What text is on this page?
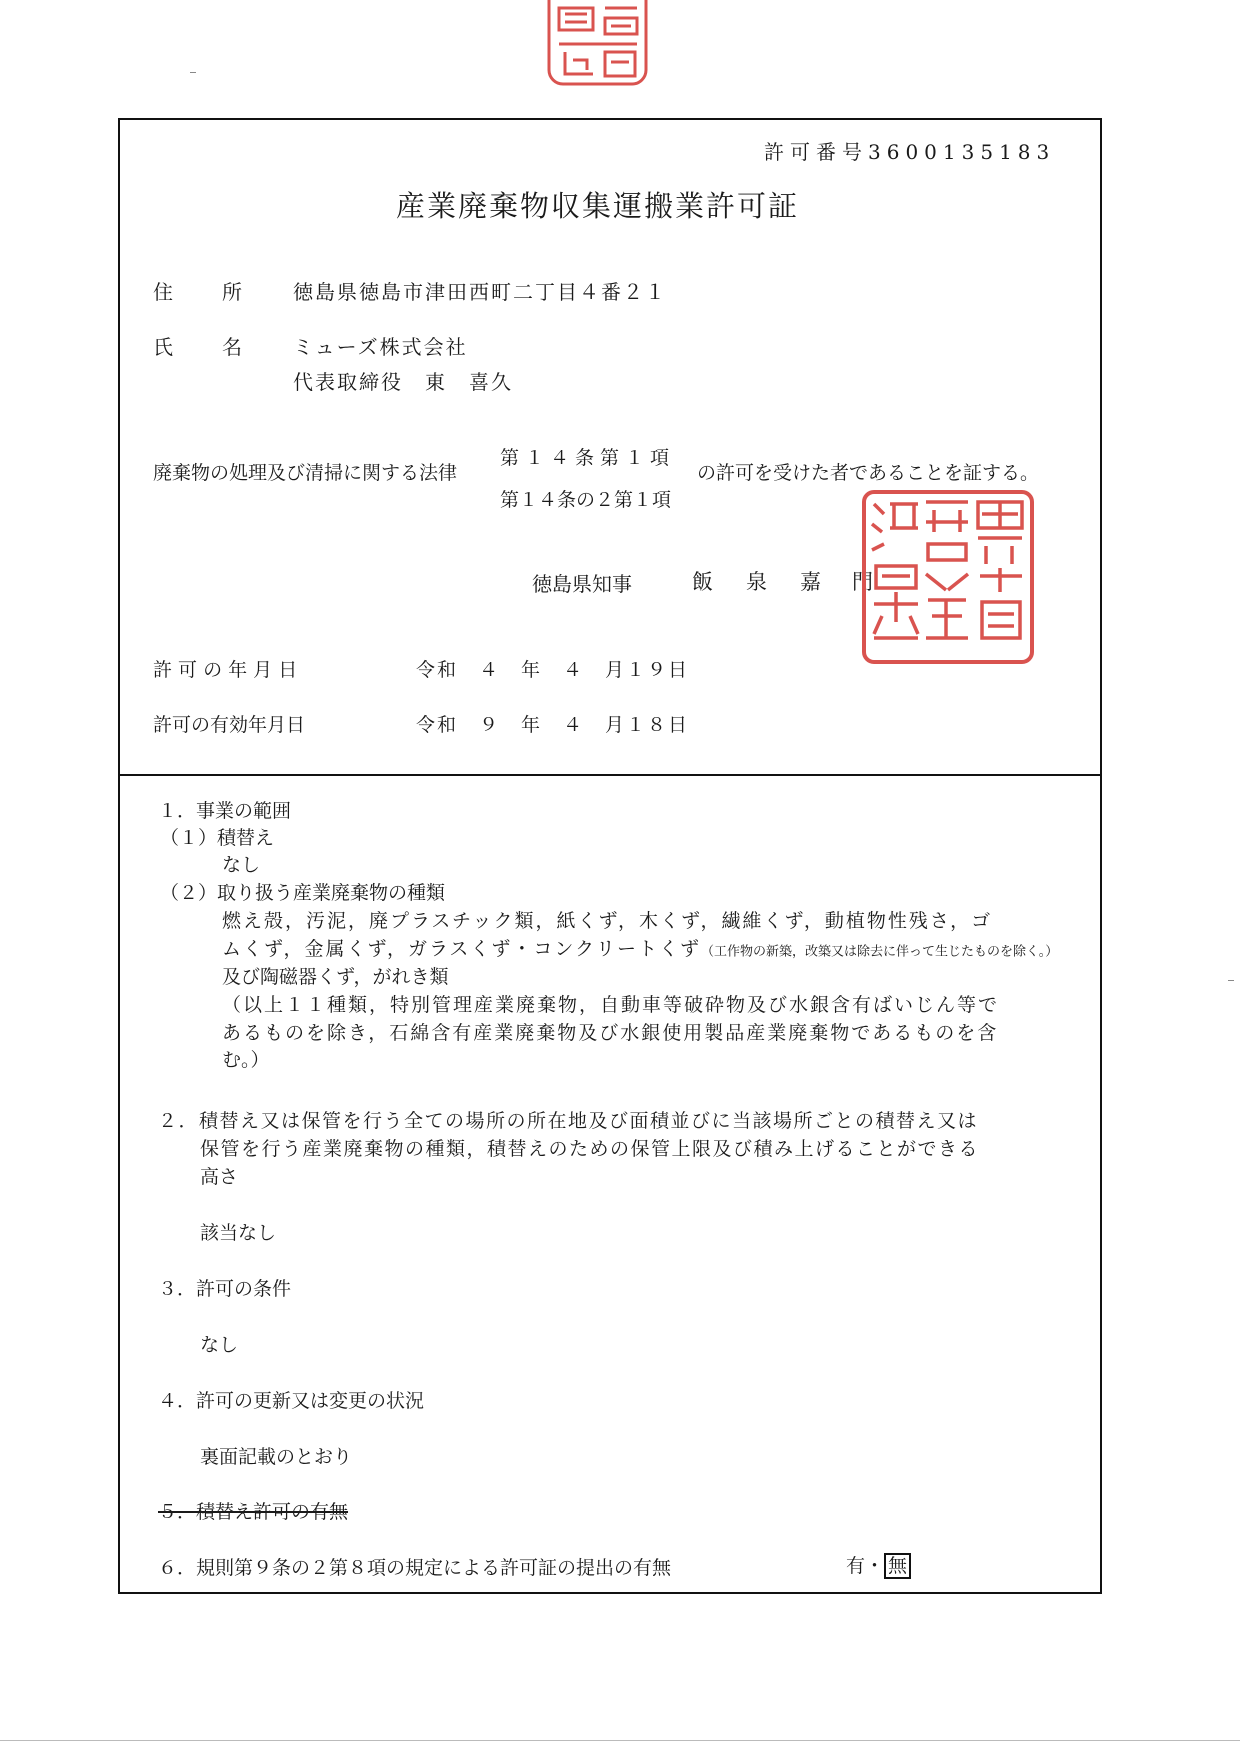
許可番号3600135183
産業廃棄物収集運搬業許可証
住 所	徳島県徳島市津田西町二丁目４番２１
氏 名	ミューズ株式会社
代表取締役　東　喜久
廃棄物の処理及び清掃に関する法律
第１４条第１項
第１４条の２第１項
の許可を受けた者であることを証する。
徳島県知事	飯 泉 嘉 門
許 可 の 年 月 日	令和　４　年　４　月１９日
許可の有効年月日	令和　９　年　４　月１８日
１．事業の範囲
（１）積替え
なし
（２）取り扱う産業廃棄物の種類
燃え殻，汚泥，廃プラスチック類，紙くず，木くず，繊維くず，動植物性残さ，ゴ
ムくず，金属くず，ガラスくず・コンクリートくず（工作物の新築，改築又は除去に伴って生じたものを除く。）
及び陶磁器くず，がれき類
（以上１１種類，特別管理産業廃棄物，自動車等破砕物及び水銀含有ばいじん等で
あるものを除き，石綿含有産業廃棄物及び水銀使用製品産業廃棄物であるものを含
む。）
２．積替え又は保管を行う全ての場所の所在地及び面積並びに当該場所ごとの積替え又は
保管を行う産業廃棄物の種類，積替えのための保管上限及び積み上げることができる
高さ
該当なし
３．許可の条件
なし
４．許可の更新又は変更の状況
裏面記載のとおり
５．積替え許可の有無
６．規則第９条の２第８項の規定による許可証の提出の有無	有・ 無
